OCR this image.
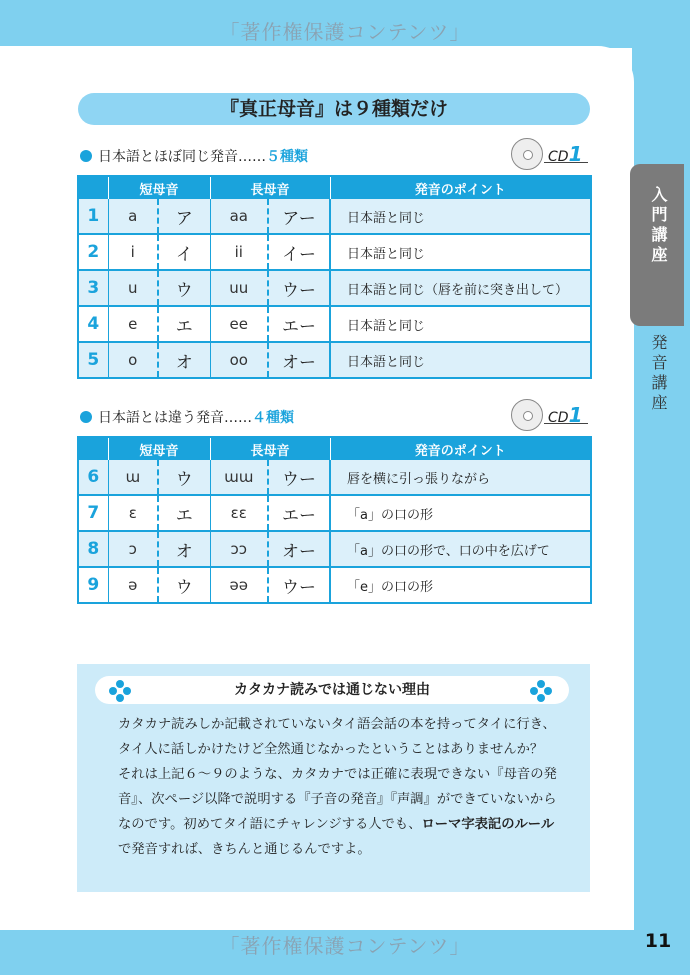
「著作権保護コンテンツ」
「著作権保護コンテンツ」	11
入門講座
発音講座
『真正母音』は９種類だけ
日本語とほぼ同じ発音……５種類	CD1
	短母音		長母音		発音のポイント
1	a	ア	aa	アー	日本語と同じ
2	i	イ	ii	イー	日本語と同じ
3	u	ウ	uu	ウー	日本語と同じ（唇を前に突き出して）
4	e	エ	ee	エー	日本語と同じ
5	o	オ	oo	オー	日本語と同じ
日本語とは違う発音……４種類	CD1
	短母音		長母音		発音のポイント
6	ɯ	ウ	ɯɯ	ウー	唇を横に引っ張りながら
7	ɛ	エ	ɛɛ	エー	「a」の口の形
8	ɔ	オ	ɔɔ	オー	「a」の口の形で、口の中を広げて
9	ə	ウ	əə	ウー	「e」の口の形
カタカナ読みでは通じない理由
カタカナ読みしか記載されていないタイ語会話の本を持ってタイに行き、タイ人に話しかけたけど全然通じなかったということはありませんか？　それは上記６～９のような、カタカナでは正確に表現できない『母音の発音』、次ページ以降で説明する『子音の発音』『声調』ができていないからなのです。初めてタイ語にチャレンジする人でも、ローマ字表記のルールで発音すれば、きちんと通じるんですよ。
